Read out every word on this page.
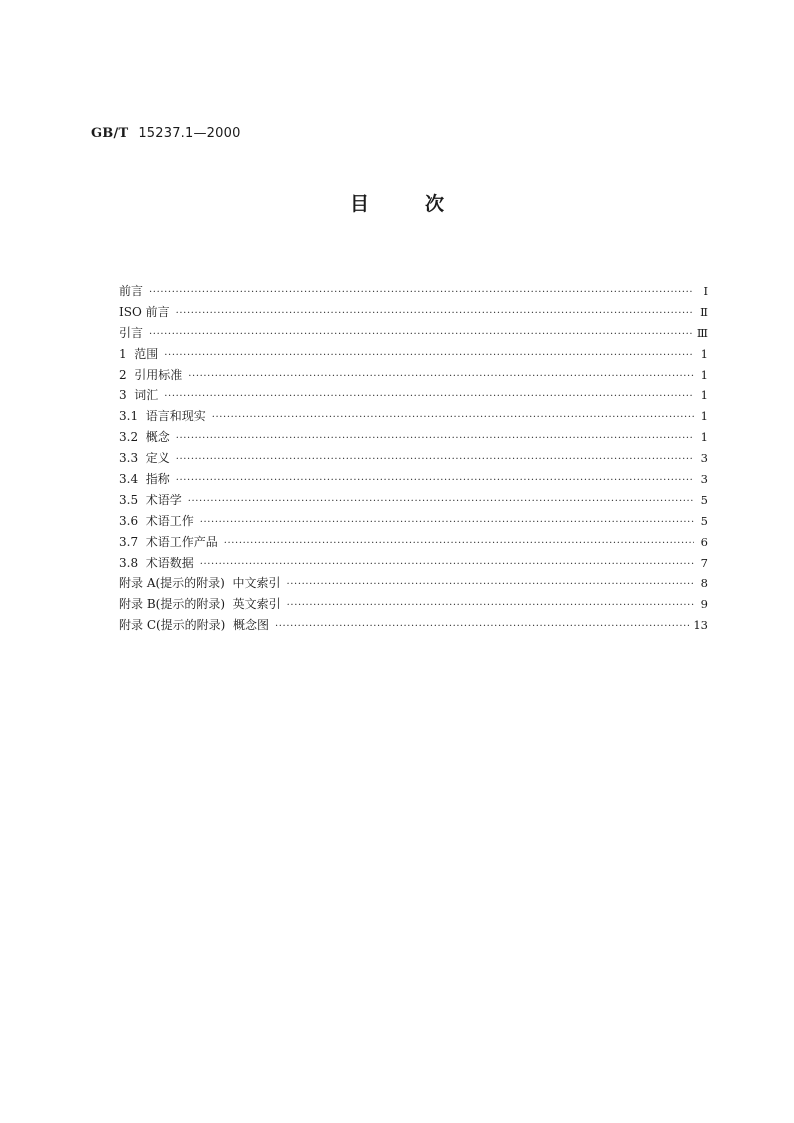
GB/T 15237.1—2000
目次
前言 ·····	Ⅰ
ISO 前言 ·····	Ⅱ
引言 ·····	Ⅲ
1  范围 ·····	1
2  引用标准 ·····	1
3  词汇 ·····	1
3.1  语言和现实 ·····	1
3.2  概念 ·····	1
3.3  定义 ·····	3
3.4  指称 ·····	3
3.5  术语学 ·····	5
3.6  术语工作 ·····	5
3.7  术语工作产品 ·····	6
3.8  术语数据 ·····	7
附录 A(提示的附录)  中文索引 ·····	8
附录 B(提示的附录)  英文索引 ·····	9
附录 C(提示的附录)  概念图 ·····	13
